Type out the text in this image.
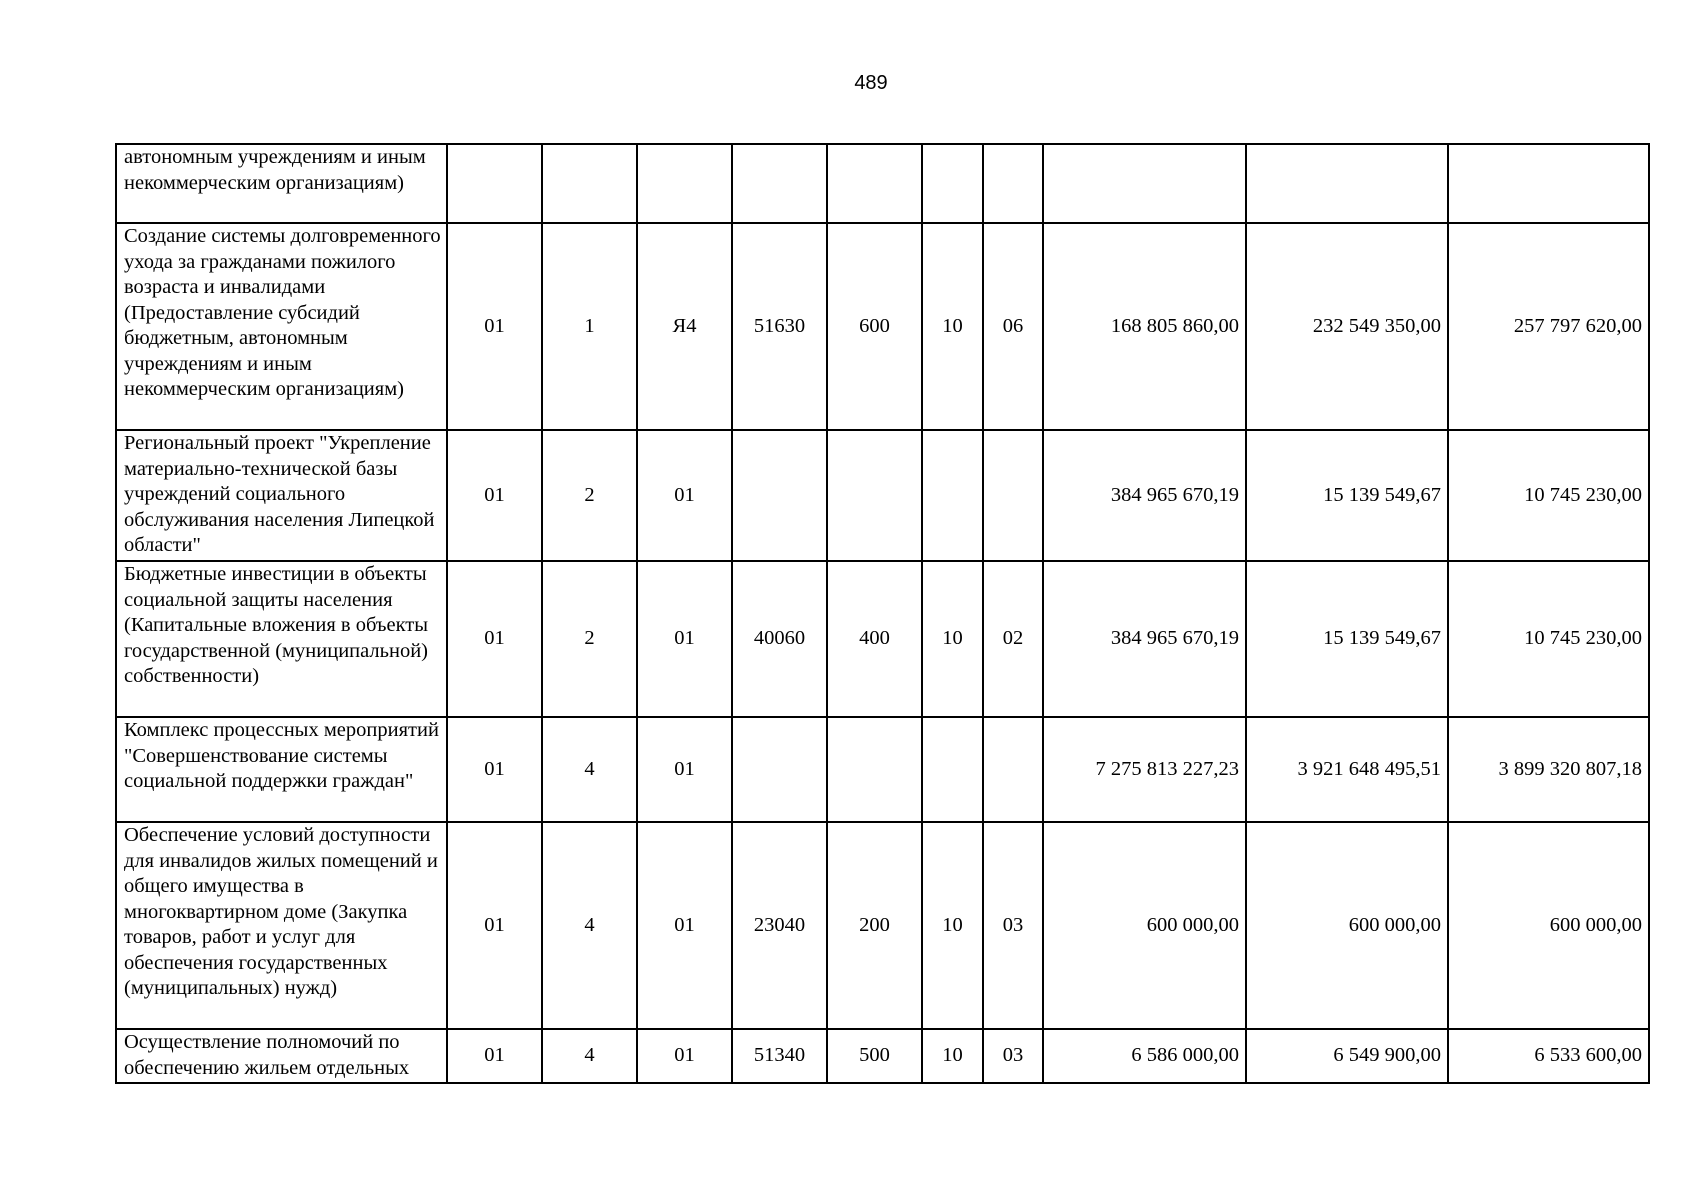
489
автономным учреждениям и иным некоммерческим организациям)										
Создание системы долговременного ухода за гражданами пожилого возраста и инвалидами (Предоставление субсидий бюджетным, автономным учреждениям и иным некоммерческим организациям)	01	1	Я4	51630	600	10	06	168 805 860,00	232 549 350,00	257 797 620,00
Региональный проект "Укрепление материально-технической базы учреждений социального обслуживания населения Липецкой области"	01	2	01					384 965 670,19	15 139 549,67	10 745 230,00
Бюджетные инвестиции в объекты социальной защиты населения (Капитальные вложения в объекты государственной (муниципальной) собственности)	01	2	01	40060	400	10	02	384 965 670,19	15 139 549,67	10 745 230,00
Комплекс процессных мероприятий "Совершенствование системы социальной поддержки граждан"	01	4	01					7 275 813 227,23	3 921 648 495,51	3 899 320 807,18
Обеспечение условий доступности для инвалидов жилых помещений и общего имущества в многоквартирном доме (Закупка товаров, работ и услуг для обеспечения государственных (муниципальных) нужд)	01	4	01	23040	200	10	03	600 000,00	600 000,00	600 000,00
Осуществление полномочий по обеспечению жильем отдельных	01	4	01	51340	500	10	03	6 586 000,00	6 549 900,00	6 533 600,00
